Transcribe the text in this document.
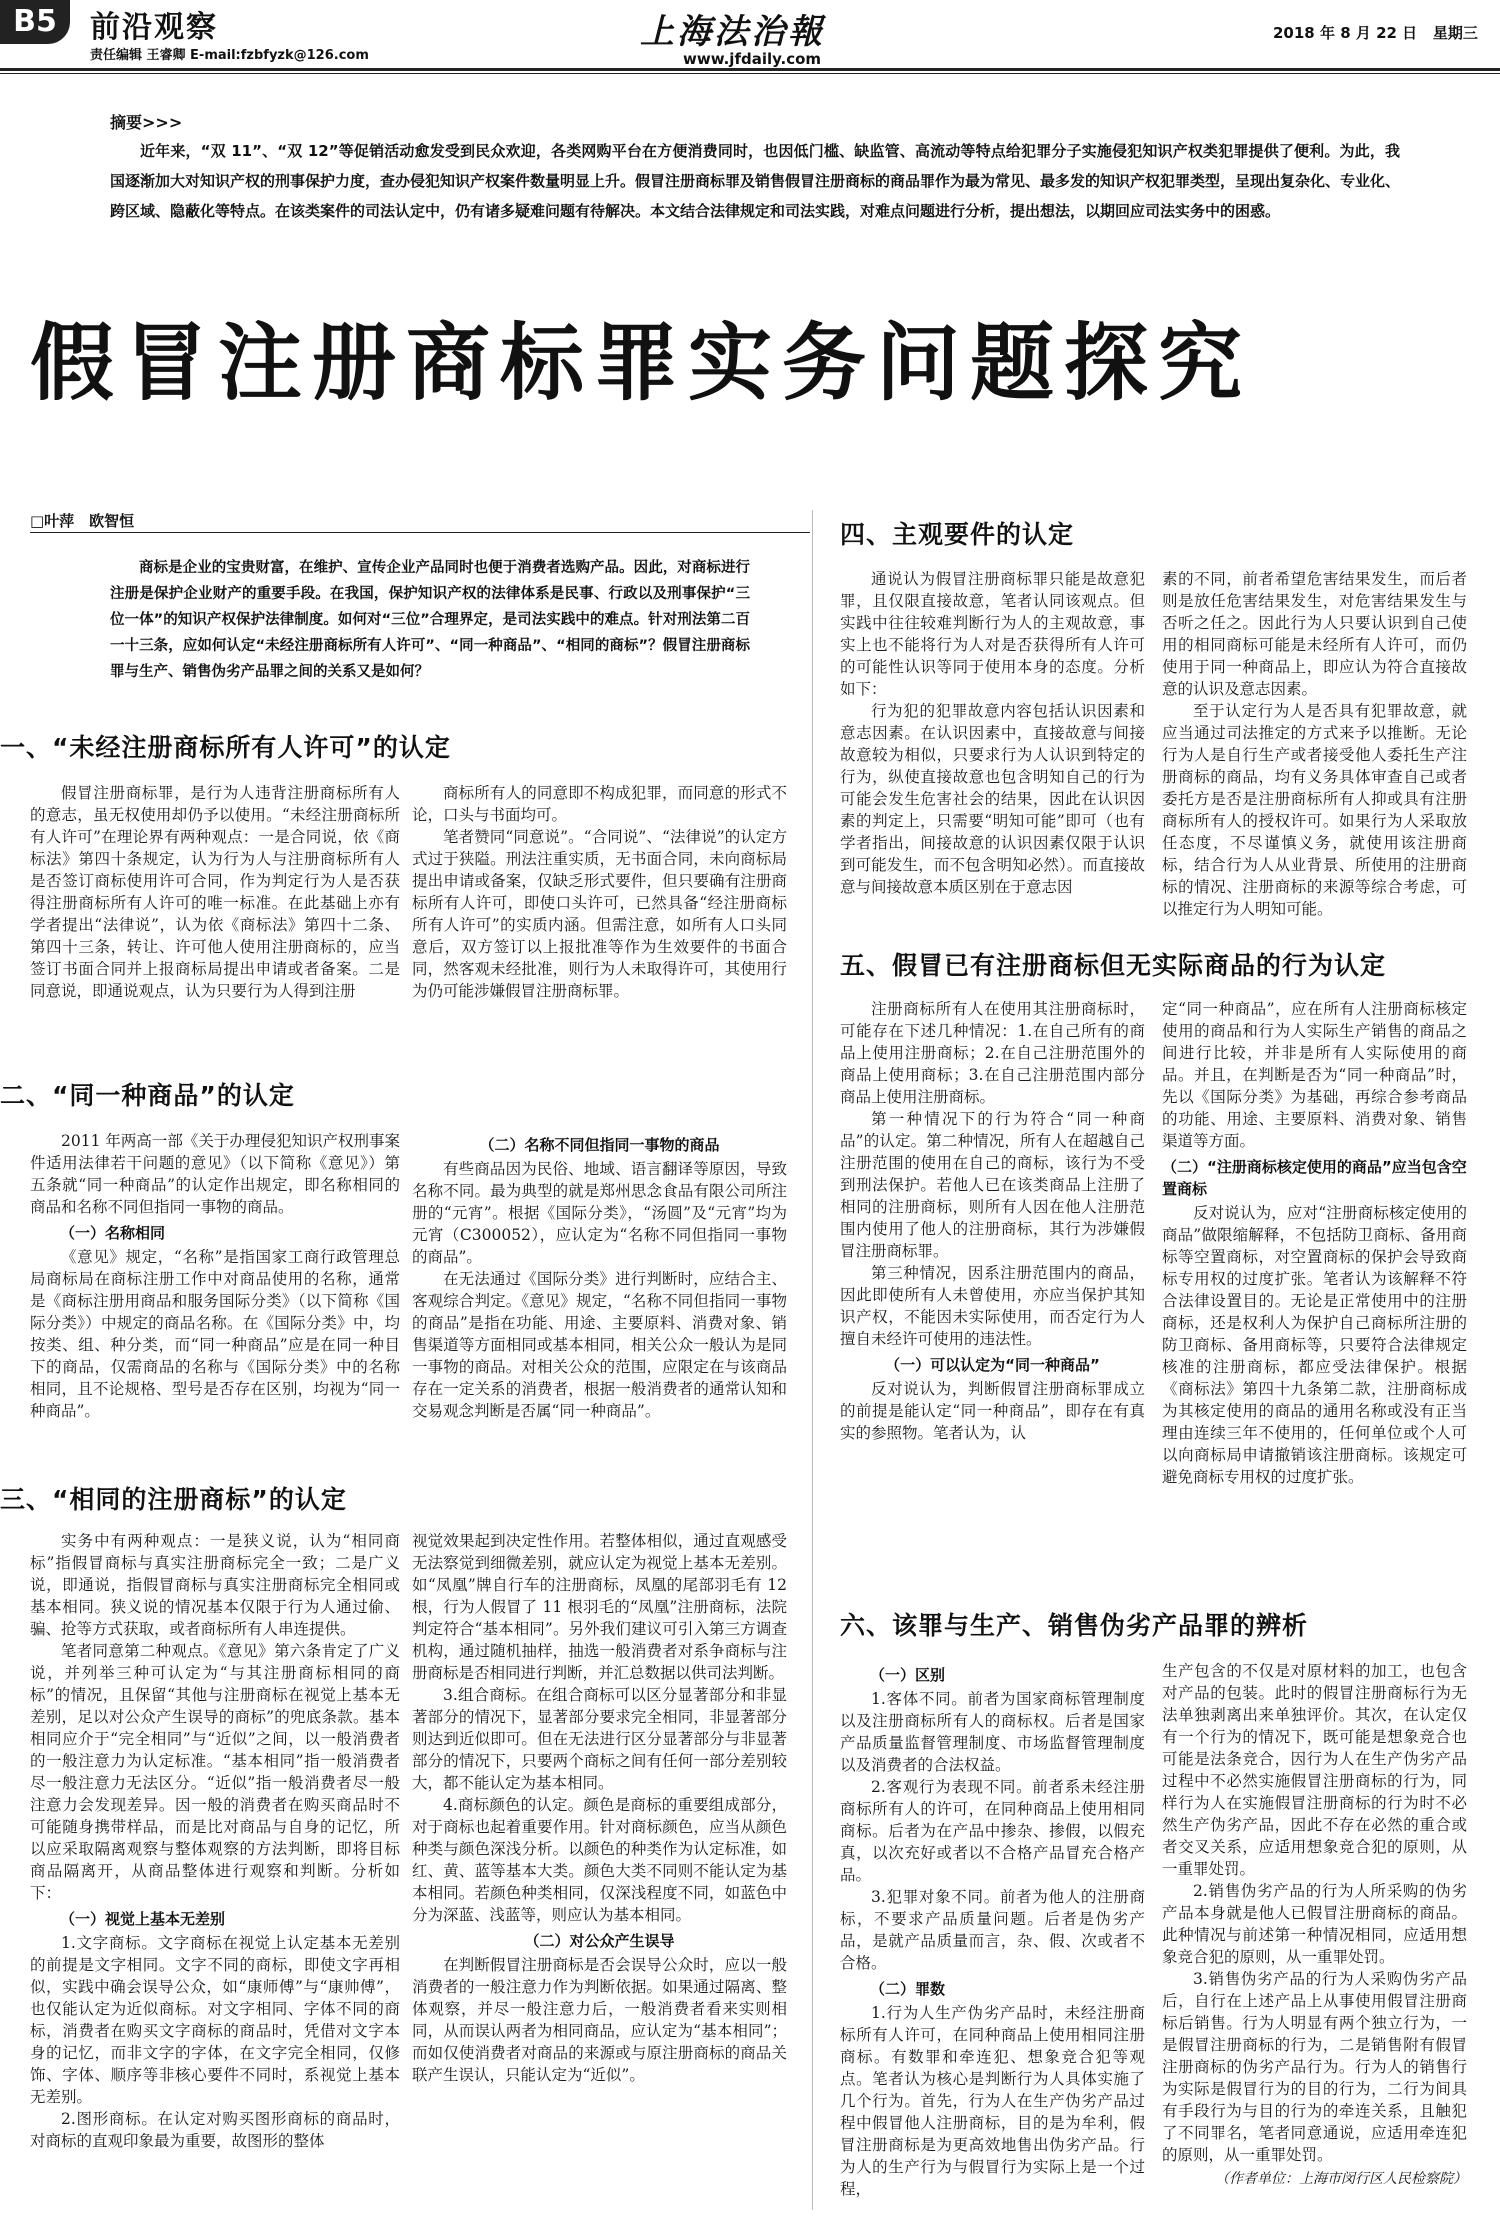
B5	前沿观察
责任编辑 王睿卿 E-mail:fzbfyzk@126.com
上海法治報
www.jfdaily.com
2018 年 8 月 22 日 星期三
摘要>>>

近年来，“双 11”、“双 12”等促销活动愈发受到民众欢迎，各类网购平台在方便消费同时，也因低门槛、缺监管、高流动等特点给犯罪分子实施侵犯知识产权类犯罪提供了便利。为此，我国逐渐加大对知识产权的刑事保护力度，查办侵犯知识产权案件数量明显上升。假冒注册商标罪及销售假冒注册商标的商品罪作为最为常见、最多发的知识产权犯罪类型，呈现出复杂化、专业化、跨区域、隐蔽化等特点。在该类案件的司法认定中，仍有诸多疑难问题有待解决。本文结合法律规定和司法实践，对难点问题进行分析，提出想法，以期回应司法实务中的困惑。

假冒注册商标罪实务问题探究
□叶萍　欧智恒

商标是企业的宝贵财富，在维护、宣传企业产品同时也便于消费者选购产品。因此，对商标进行注册是保护企业财产的重要手段。在我国，保护知识产权的法律体系是民事、行政以及刑事保护“三位一体”的知识产权保护法律制度。如何对“三位”合理界定，是司法实践中的难点。针对刑法第二百一十三条，应如何认定“未经注册商标所有人许可”、“同一种商品”、“相同的商标”？假冒注册商标罪与生产、销售伪劣产品罪之间的关系又是如何？

一、“未经注册商标所有人许可”的认定

假冒注册商标罪，是行为人违背注册商标所有人的意志，虽无权使用却仍予以使用。“未经注册商标所有人许可”在理论界有两种观点：一是合同说，依《商标法》第四十条规定，认为行为人与注册商标所有人是否签订商标使用许可合同，作为判定行为人是否获得注册商标所有人许可的唯一标准。在此基础上亦有学者提出“法律说”，认为依《商标法》第四十二条、第四十三条，转让、许可他人使用注册商标的，应当签订书面合同并上报商标局提出申请或者备案。二是同意说，即通说观点，认为只要行为人得到注册

商标所有人的同意即不构成犯罪，而同意的形式不论，口头与书面均可。

笔者赞同“同意说”。“合同说”、“法律说”的认定方式过于狭隘。刑法注重实质，无书面合同，未向商标局提出申请或备案，仅缺乏形式要件，但只要确有注册商标所有人许可，即使口头许可，已然具备“经注册商标所有人许可”的实质内涵。但需注意，如所有人口头同意后，双方签订以上报批准等作为生效要件的书面合同，然客观未经批准，则行为人未取得许可，其使用行为仍可能涉嫌假冒注册商标罪。

二、“同一种商品”的认定

2011 年两高一部《关于办理侵犯知识产权刑事案件适用法律若干问题的意见》（以下简称《意见》）第五条就“同一种商品”的认定作出规定，即名称相同的商品和名称不同但指同一事物的商品。

（一）名称相同

《意见》规定，“名称”是指国家工商行政管理总局商标局在商标注册工作中对商品使用的名称，通常是《商标注册用商品和服务国际分类》（以下简称《国际分类》）中规定的商品名称。在《国际分类》中，均按类、组、种分类，而“同一种商品”应是在同一种目下的商品，仅需商品的名称与《国际分类》中的名称相同，且不论规格、型号是否存在区别，均视为“同一种商品”。

（二）名称不同但指同一事物的商品

有些商品因为民俗、地域、语言翻译等原因，导致名称不同。最为典型的就是郑州思念食品有限公司所注册的“元宵”。根据《国际分类》，“汤圆”及“元宵”均为元宵（C300052），应认定为“名称不同但指同一事物的商品”。

在无法通过《国际分类》进行判断时，应结合主、客观综合判定。《意见》规定，“名称不同但指同一事物的商品”是指在功能、用途、主要原料、消费对象、销售渠道等方面相同或基本相同，相关公众一般认为是同一事物的商品。对相关公众的范围，应限定在与该商品存在一定关系的消费者，根据一般消费者的通常认知和交易观念判断是否属“同一种商品”。

三、“相同的注册商标”的认定

实务中有两种观点：一是狭义说，认为“相同商标”指假冒商标与真实注册商标完全一致；二是广义说，即通说，指假冒商标与真实注册商标完全相同或基本相同。狭义说的情况基本仅限于行为人通过偷、骗、抢等方式获取，或者商标所有人串连提供。

笔者同意第二种观点。《意见》第六条肯定了广义说，并列举三种可认定为“与其注册商标相同的商标”的情况，且保留“其他与注册商标在视觉上基本无差别，足以对公众产生误导的商标”的兜底条款。基本相同应介于“完全相同”与“近似”之间，以一般消费者的一般注意力为认定标准。“基本相同”指一般消费者尽一般注意力无法区分。“近似”指一般消费者尽一般注意力会发现差异。因一般的消费者在购买商品时不可能随身携带样品，而是比对商品与自身的记忆，所以应采取隔离观察与整体观察的方法判断，即将目标商品隔离开，从商品整体进行观察和判断。分析如下：

（一）视觉上基本无差别

1.文字商标。文字商标在视觉上认定基本无差别的前提是文字相同。文字不同的商标，即使文字再相似，实践中确会误导公众，如“康师傅”与“康帅傅”，也仅能认定为近似商标。对文字相同、字体不同的商标，消费者在购买文字商标的商品时，凭借对文字本身的记忆，而非文字的字体，在文字完全相同，仅修饰、字体、顺序等非核心要件不同时，系视觉上基本无差别。

2.图形商标。在认定对购买图形商标的商品时，对商标的直观印象最为重要，故图形的整体

视觉效果起到决定性作用。若整体相似，通过直观感受无法察觉到细微差别，就应认定为视觉上基本无差别。如“凤凰”牌自行车的注册商标，凤凰的尾部羽毛有 12 根，行为人假冒了 11 根羽毛的“凤凰”注册商标，法院判定符合“基本相同”。另外我们建议可引入第三方调查机构，通过随机抽样，抽选一般消费者对系争商标与注册商标是否相同进行判断，并汇总数据以供司法判断。

3.组合商标。在组合商标可以区分显著部分和非显著部分的情况下，显著部分要求完全相同，非显著部分则达到近似即可。但在无法进行区分显著部分与非显著部分的情况下，只要两个商标之间有任何一部分差别较大，都不能认定为基本相同。

4.商标颜色的认定。颜色是商标的重要组成部分，对于商标也起着重要作用。针对商标颜色，应当从颜色种类与颜色深浅分析。以颜色的种类作为认定标准，如红、黄、蓝等基本大类。颜色大类不同则不能认定为基本相同。若颜色种类相同，仅深浅程度不同，如蓝色中分为深蓝、浅蓝等，则应认为基本相同。

（二）对公众产生误导

在判断假冒注册商标是否会误导公众时，应以一般消费者的一般注意力作为判断依据。如果通过隔离、整体观察，并尽一般注意力后，一般消费者看来实则相同，从而误认两者为相同商品，应认定为“基本相同”；而如仅使消费者对商品的来源或与原注册商标的商品关联产生误认，只能认定为“近似”。

四、主观要件的认定

通说认为假冒注册商标罪只能是故意犯罪，且仅限直接故意，笔者认同该观点。但实践中往往较难判断行为人的主观故意，事实上也不能将行为人对是否获得所有人许可的可能性认识等同于使用本身的态度。分析如下：

行为犯的犯罪故意内容包括认识因素和意志因素。在认识因素中，直接故意与间接故意较为相似，只要求行为人认识到特定的行为，纵使直接故意也包含明知自己的行为可能会发生危害社会的结果，因此在认识因素的判定上，只需要“明知可能”即可（也有学者指出，间接故意的认识因素仅限于认识到可能发生，而不包含明知必然）。而直接故意与间接故意本质区别在于意志因

素的不同，前者希望危害结果发生，而后者则是放任危害结果发生，对危害结果发生与否听之任之。因此行为人只要认识到自己使用的相同商标可能是未经所有人许可，而仍使用于同一种商品上，即应认为符合直接故意的认识及意志因素。

至于认定行为人是否具有犯罪故意，就应当通过司法推定的方式来予以推断。无论行为人是自行生产或者接受他人委托生产注册商标的商品，均有义务具体审查自己或者委托方是否是注册商标所有人抑或具有注册商标所有人的授权许可。如果行为人采取放任态度，不尽谨慎义务，就使用该注册商标，结合行为人从业背景、所使用的注册商标的情况、注册商标的来源等综合考虑，可以推定行为人明知可能。

五、假冒已有注册商标但无实际商品的行为认定

注册商标所有人在使用其注册商标时，可能存在下述几种情况：1.在自己所有的商品上使用注册商标；2.在自己注册范围外的商品上使用商标；3.在自己注册范围内部分商品上使用注册商标。

第一种情况下的行为符合“同一种商品”的认定。第二种情况，所有人在超越自己注册范围的使用在自己的商标，该行为不受到刑法保护。若他人已在该类商品上注册了相同的注册商标，则所有人因在他人注册范围内使用了他人的注册商标，其行为涉嫌假冒注册商标罪。

第三种情况，因系注册范围内的商品，因此即使所有人未曾使用，亦应当保护其知识产权，不能因未实际使用，而否定行为人擅自未经许可使用的违法性。

（一）可以认定为“同一种商品”

反对说认为，判断假冒注册商标罪成立的前提是能认定“同一种商品”，即存在有真实的参照物。笔者认为，认

定“同一种商品”，应在所有人注册商标核定使用的商品和行为人实际生产销售的商品之间进行比较，并非是所有人实际使用的商品。并且，在判断是否为“同一种商品”时，先以《国际分类》为基础，再综合参考商品的功能、用途、主要原料、消费对象、销售渠道等方面。

（二）“注册商标核定使用的商品”应当包含空置商标

反对说认为，应对“注册商标核定使用的商品”做限缩解释，不包括防卫商标、备用商标等空置商标，对空置商标的保护会导致商标专用权的过度扩张。笔者认为该解释不符合法律设置目的。无论是正常使用中的注册商标，还是权利人为保护自己商标所注册的防卫商标、备用商标等，只要符合法律规定核准的注册商标，都应受法律保护。根据《商标法》第四十九条第二款，注册商标成为其核定使用的商品的通用名称或没有正当理由连续三年不使用的，任何单位或个人可以向商标局申请撤销该注册商标。该规定可避免商标专用权的过度扩张。

六、该罪与生产、销售伪劣产品罪的辨析
（一）区别

1.客体不同。前者为国家商标管理制度以及注册商标所有人的商标权。后者是国家产品质量监督管理制度、市场监督管理制度以及消费者的合法权益。

2.客观行为表现不同。前者系未经注册商标所有人的许可，在同种商品上使用相同商标。后者为在产品中掺杂、掺假，以假充真，以次充好或者以不合格产品冒充合格产品。

3.犯罪对象不同。前者为他人的注册商标，不要求产品质量问题。后者是伪劣产品，是就产品质量而言，杂、假、次或者不合格。

（二）罪数

1.行为人生产伪劣产品时，未经注册商标所有人许可，在同种商品上使用相同注册商标。有数罪和牵连犯、想象竞合犯等观点。笔者认为核心是判断行为人具体实施了几个行为。首先，行为人在生产伪劣产品过程中假冒他人注册商标，目的是为牟利，假冒注册商标是为更高效地售出伪劣产品。行为人的生产行为与假冒行为实际上是一个过程，

生产包含的不仅是对原材料的加工，也包含对产品的包装。此时的假冒注册商标行为无法单独剥离出来单独评价。其次，在认定仅有一个行为的情况下，既可能是想象竞合也可能是法条竞合，因行为人在生产伪劣产品过程中不必然实施假冒注册商标的行为，同样行为人在实施假冒注册商标的行为时不必然生产伪劣产品，因此不存在必然的重合或者交叉关系，应适用想象竞合犯的原则，从一重罪处罚。

2.销售伪劣产品的行为人所采购的伪劣产品本身就是他人已假冒注册商标的商品。此种情况与前述第一种情况相同，应适用想象竞合犯的原则，从一重罪处罚。

3.销售伪劣产品的行为人采购伪劣产品后，自行在上述产品上从事使用假冒注册商标后销售。行为人明显有两个独立行为，一是假冒注册商标的行为，二是销售附有假冒注册商标的伪劣产品行为。行为人的销售行为实际是假冒行为的目的行为，二行为间具有手段行为与目的行为的牵连关系，且触犯了不同罪名，笔者同意通说，应适用牵连犯的原则，从一重罪处罚。

（作者单位：上海市闵行区人民检察院）
